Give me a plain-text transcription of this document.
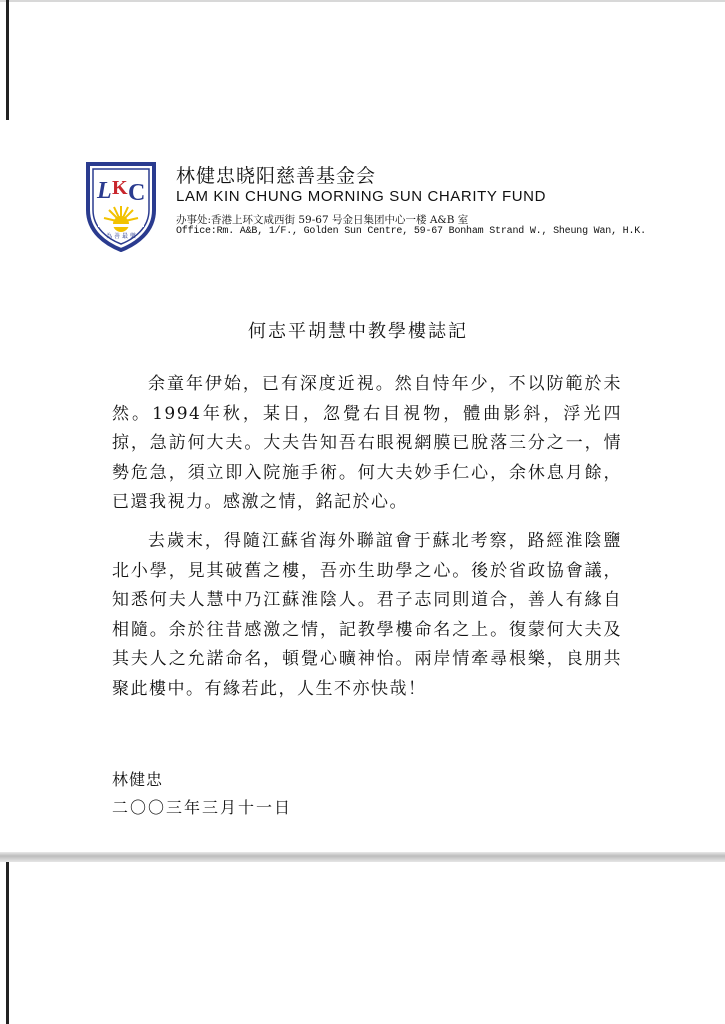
L K C
為 善 最 樂
林健忠晓阳慈善基金会
LAM KIN CHUNG MORNING SUN CHARITY FUND
办事处:香港上环文咸西街 59-67 号金日集团中心一楼 A&B 室
Office:Rm. A&B, 1/F., Golden Sun Centre, 59-67 Bonham Strand W., Sheung Wan, H.K.
何志平胡慧中教學樓誌記

余童年伊始，已有深度近視。然自恃年少，不以防範於未然。1994年秋，某日，忽覺右目視物，體曲影斜，浮光四掠，急訪何大夫。大夫告知吾右眼視網膜已脫落三分之一，情勢危急，須立即入院施手術。何大夫妙手仁心，余休息月餘，已還我視力。感激之情，銘記於心。

去歲末，得隨江蘇省海外聯誼會于蘇北考察，路經淮陰鹽北小學，見其破舊之樓，吾亦生助學之心。後於省政協會議，知悉何夫人慧中乃江蘇淮陰人。君子志同則道合，善人有緣自相隨。余於往昔感激之情，記教學樓命名之上。復蒙何大夫及其夫人之允諾命名，頓覺心曠神怡。兩岸情牽尋根樂，良朋共聚此樓中。有緣若此，人生不亦快哉！

林健忠
二〇〇三年三月十一日
